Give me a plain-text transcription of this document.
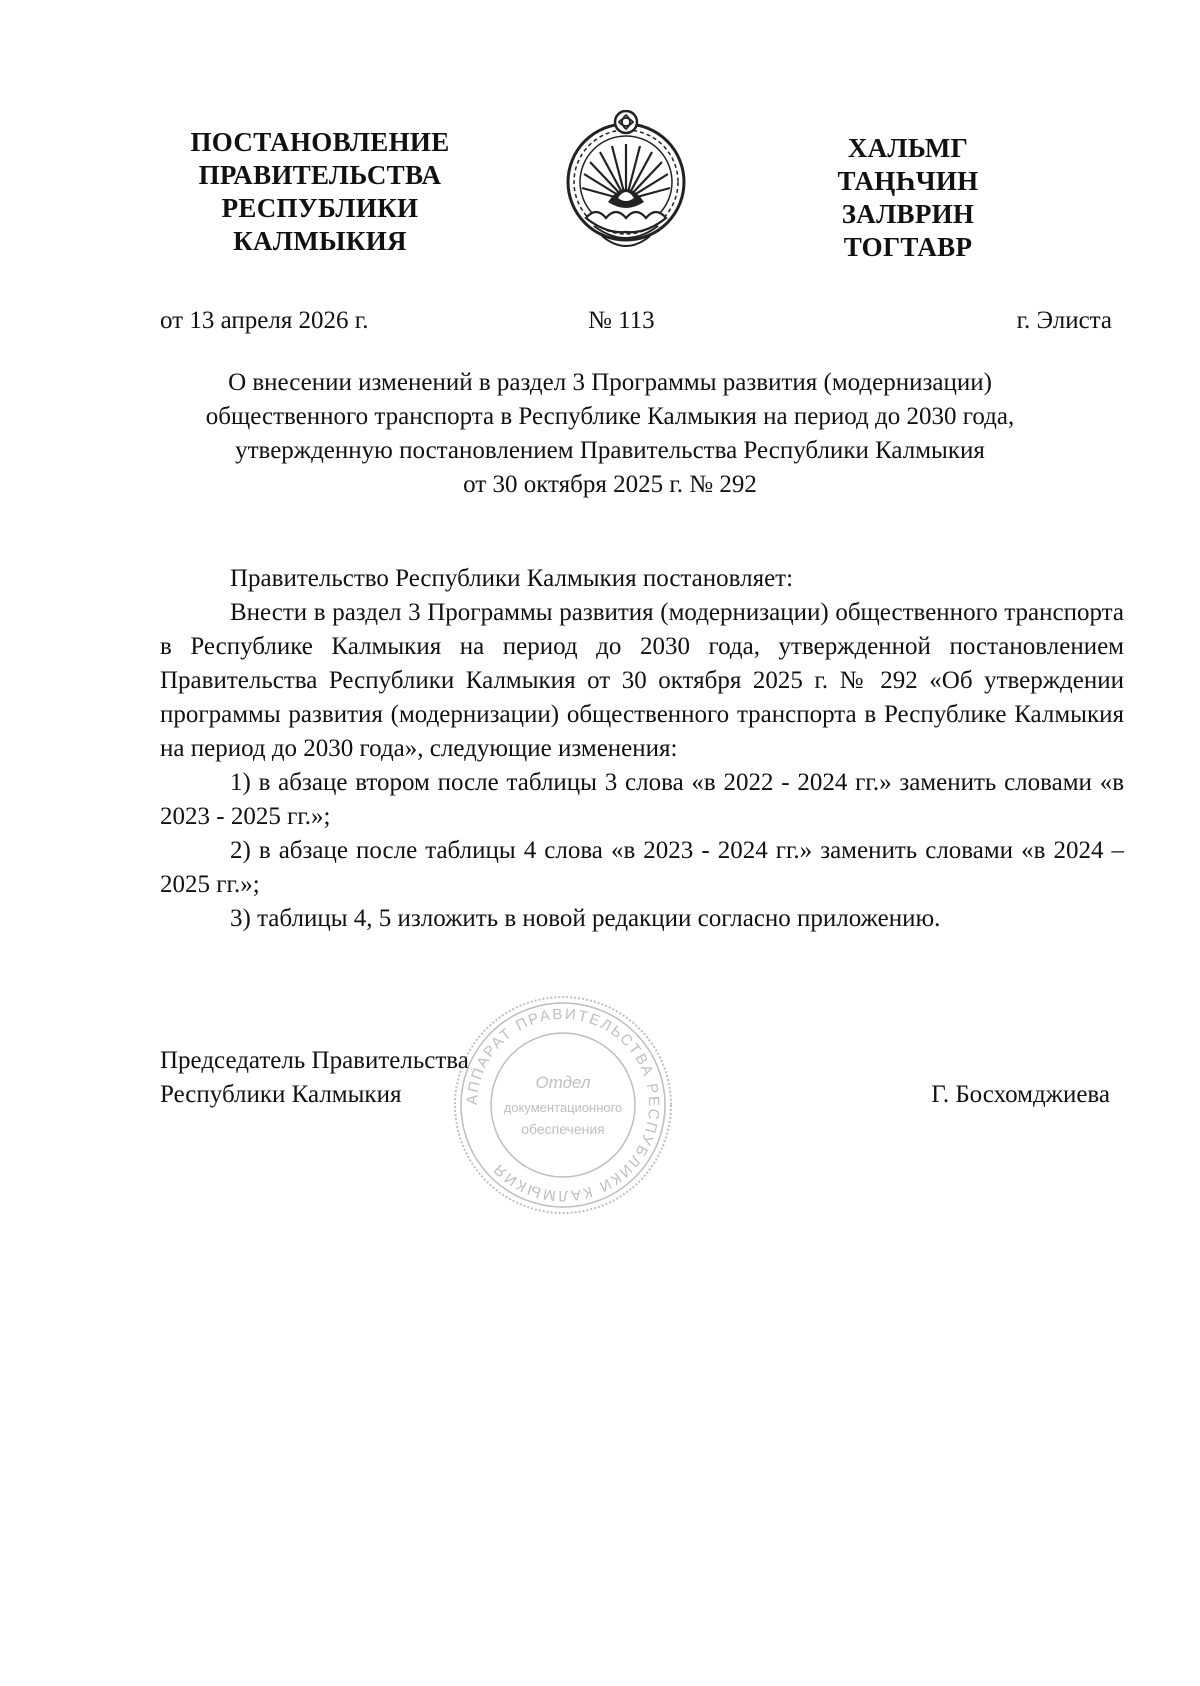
ПОСТАНОВЛЕНИЕ
ПРАВИТЕЛЬСТВА
РЕСПУБЛИКИ
КАЛМЫКИЯ
ХАЛЬМГ
ТАҢҺЧИН
ЗАЛВРИН
ТОГТАВР
от 13 апреля 2026 г.	№ 113	г. Элиста
О внесении изменений в раздел 3 Программы развития (модернизации)
общественного транспорта в Республике Калмыкия на период до 2030 года,
утвержденную постановлением Правительства Республики Калмыкия
от 30 октября 2025 г. № 292

Правительство Республики Калмыкия постановляет:

Внести в раздел 3 Программы развития (модернизации) общественного транспорта в Республике Калмыкия на период до 2030 года, утвержденной постановлением Правительства Республики Калмыкия от 30 октября 2025 г. № 292 «Об утверждении программы развития (модернизации) общественного транспорта в Республике Калмыкия на период до 2030 года», следующие изменения:

1) в абзаце втором после таблицы 3 слова «в 2022 - 2024 гг.» заменить словами «в 2023 - 2025 гг.»;

2) в абзаце после таблицы 4 слова «в 2023 - 2024 гг.» заменить словами «в 2024 – 2025 гг.»;

3) таблицы 4, 5 изложить в новой редакции согласно приложению.

Председатель Правительства
Республики Калмыкия	Г. Босхомджиева
АППАРАТ ПРАВИТЕЛЬСТВА РЕСПУБЛИКИ КАЛМЫКИЯ
Отдел
документационного
обеспечения
